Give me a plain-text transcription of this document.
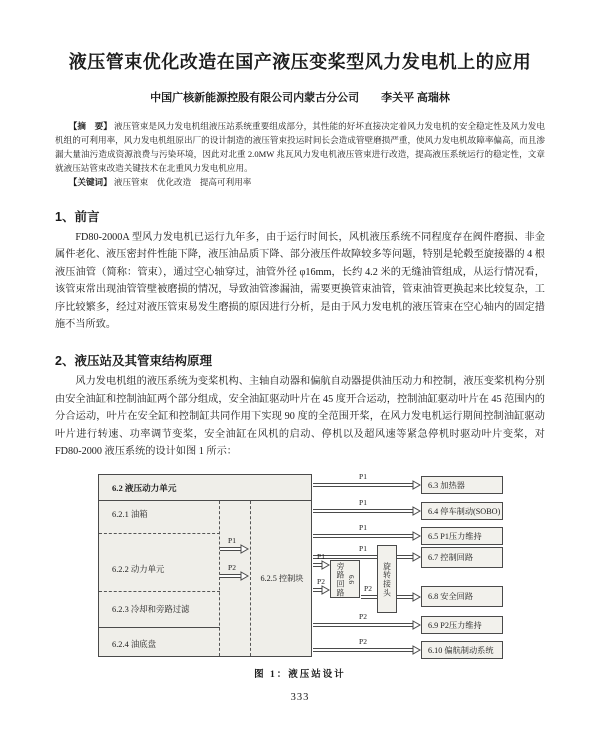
液压管束优化改造在国产液压变桨型风力发电机上的应用
中国广核新能源控股有限公司内蒙古分公司　　李关平 高瑞林

【摘　要】 液压管束是风力发电机组液压站系统重要组成部分，其性能的好坏直接决定着风力发电机的安全稳定性及风力发电机组的可利用率，风力发电机组原出厂的设计制造的液压管束投运时间长会造成管壁磨损严重，使风力发电机故障率偏高，而且渗漏大量油污造成资源浪费与污染环境，因此对北重 2.0MW 兆瓦风力发电机液压管束进行改造，提高液压系统运行的稳定性，文章就液压站管束改造关键技术在北重风力发电机应用。

【关键词】 液压管束　优化改造　提高可利用率

1、前言

FD80-2000A 型风力发电机已运行九年多，由于运行时间长，风机液压系统不同程度存在阀件磨损、非金属件老化、液压密封件性能下降，液压油品质下降、部分液压件故障较多等问题，特别是轮毂至旋接器的 4 根液压油管（简称：管束），通过空心轴穿过，油管外径 φ16mm，长约 4.2 米的无缝油管组成，从运行情况看，该管束常出现油管管壁被磨损的情况，导致油管渗漏油，需要更换管束油管，管束油管更换起来比较复杂，工序比较繁多，经过对液压管束易发生磨损的原因进行分析，是由于风力发电机的液压管束在空心轴内的固定措施不当所致。

2、液压站及其管束结构原理

风力发电机组的液压系统为变桨机构、主轴自动器和偏航自动器提供油压动力和控制，液压变桨机构分别由安全油缸和控制油缸两个部分组成，安全油缸驱动叶片在 45 度开合运动，控制油缸驱动叶片在 45 范围内的分合运动，叶片在安全缸和控制缸共同作用下实现 90 度的全范围开桨，在风力发电机运行期间控制油缸驱动叶片进行转速、功率调节变桨，安全油缸在风机的启动、停机以及超风速等紧急停机时驱动叶片变桨，对 FD80-2000 液压系统的设计如图 1 所示：

6.2 液压动力单元
6.2.1 油箱
6.2.2 动力单元
6.2.3 冷却和旁路过滤
6.2.4 油底盘
6.2.5 控制块	旁路回路 6.6	旋转接头
6.3 加热器
6.4 停车制动(SOBO)
6.5 P1压力维持
6.7 控制回路
6.8 安全回路
6.9 P2压力维持
6.10 偏航制动系统
P1
P1
P1
P1
P2
P2
P2
P1
P2
P1
P2
图 1：液压站设计
333
